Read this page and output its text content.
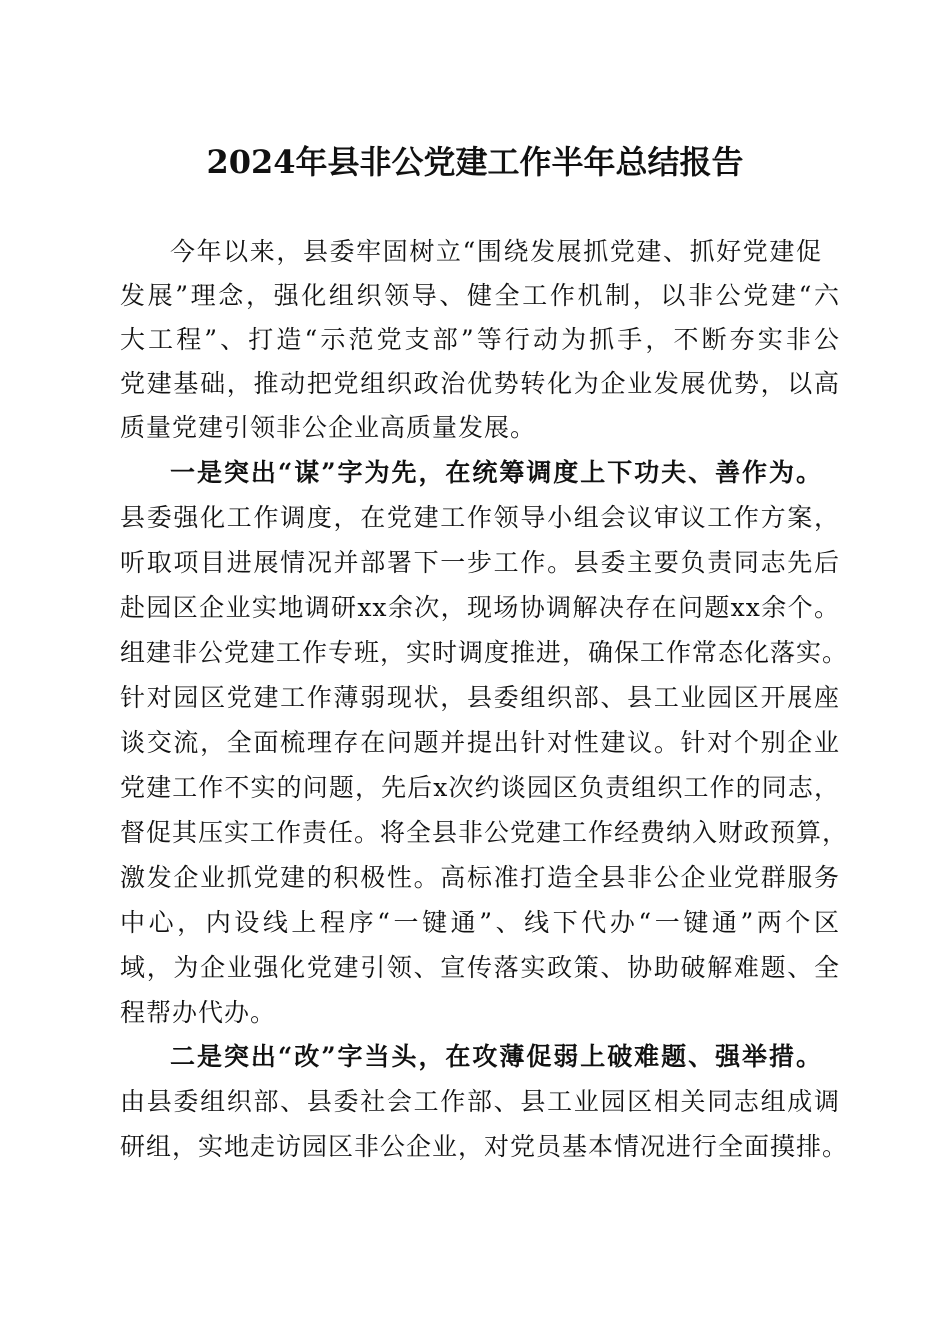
2024年县非公党建工作半年总结报告
今年以来，县委牢固树立“围绕发展抓党建、抓好党建促
发展”理念，强化组织领导、健全工作机制，以非公党建“六
大工程”、打造“示范党支部”等行动为抓手，不断夯实非公
党建基础，推动把党组织政治优势转化为企业发展优势，以高
质量党建引领非公企业高质量发展。
一是突出“谋”字为先，在统筹调度上下功夫、善作为。
县委强化工作调度，在党建工作领导小组会议审议工作方案，
听取项目进展情况并部署下一步工作。县委主要负责同志先后
赴园区企业实地调研xx余次，现场协调解决存在问题xx余个。
组建非公党建工作专班，实时调度推进，确保工作常态化落实。
针对园区党建工作薄弱现状，县委组织部、县工业园区开展座
谈交流，全面梳理存在问题并提出针对性建议。针对个别企业
党建工作不实的问题，先后x次约谈园区负责组织工作的同志，
督促其压实工作责任。将全县非公党建工作经费纳入财政预算，
激发企业抓党建的积极性。高标准打造全县非公企业党群服务
中心，内设线上程序“一键通”、线下代办“一键通”两个区
域，为企业强化党建引领、宣传落实政策、协助破解难题、全
程帮办代办。
二是突出“改”字当头，在攻薄促弱上破难题、强举措。
由县委组织部、县委社会工作部、县工业园区相关同志组成调
研组，实地走访园区非公企业，对党员基本情况进行全面摸排。
